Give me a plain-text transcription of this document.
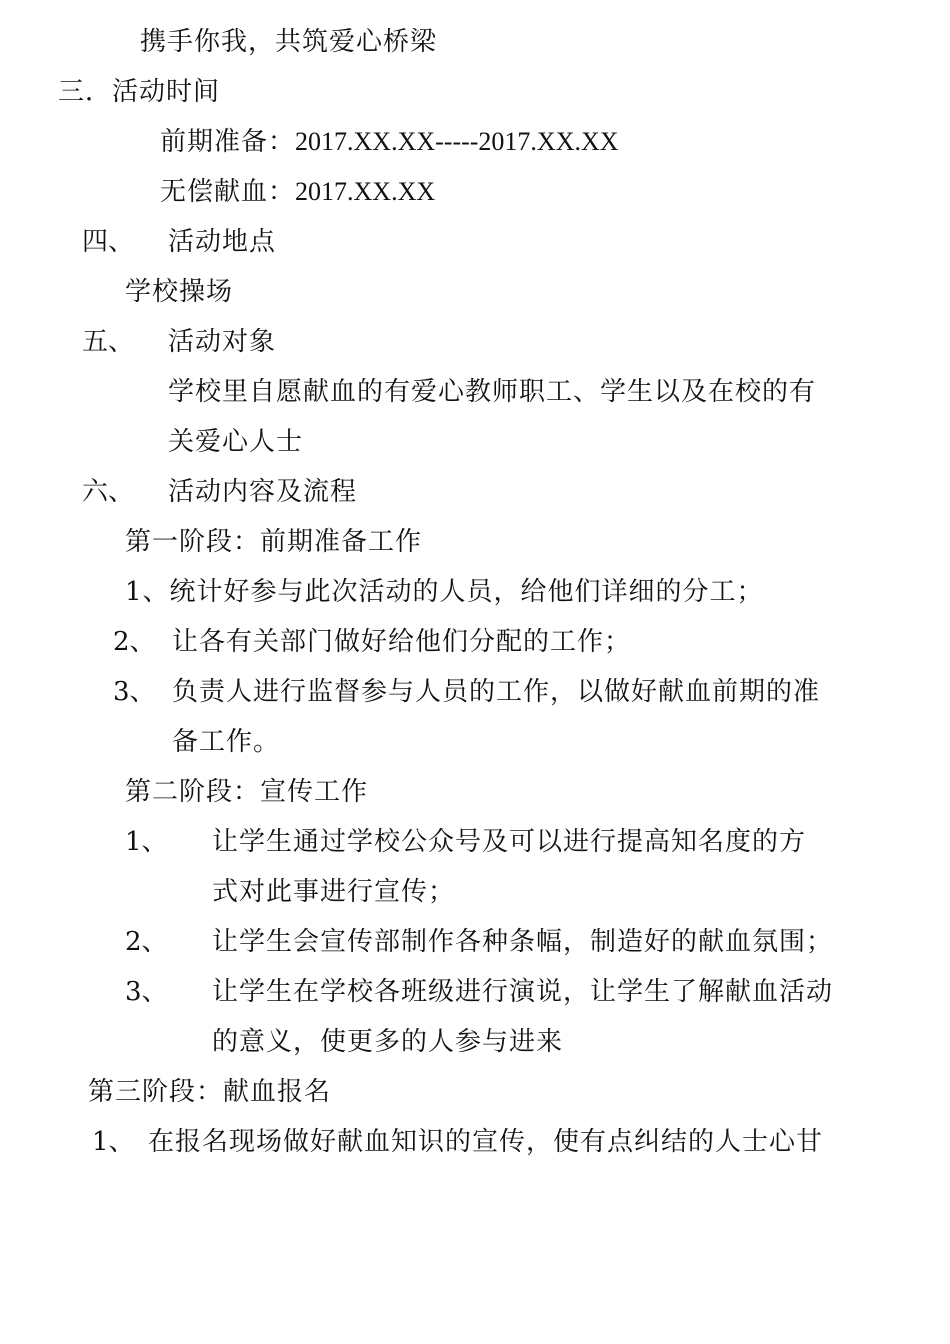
携手你我，共筑爱心桥梁
三．活动时间
前期准备：2017.XX.XX-----2017.XX.XX
无偿献血：2017.XX.XX
四、 活动地点
学校操场
五、 活动对象
学校里自愿献血的有爱心教师职工、学生以及在校的有
关爱心人士
六、 活动内容及流程
第一阶段：前期准备工作
1、统计好参与此次活动的人员，给他们详细的分工；
2、 让各有关部门做好给他们分配的工作；
3、 负责人进行监督参与人员的工作，以做好献血前期的准
备工作。
第二阶段：宣传工作
1、 让学生通过学校公众号及可以进行提高知名度的方
式对此事进行宣传；
2、 让学生会宣传部制作各种条幅，制造好的献血氛围；
3、 让学生在学校各班级进行演说，让学生了解献血活动
的意义，使更多的人参与进来
第三阶段：献血报名
1、 在报名现场做好献血知识的宣传，使有点纠结的人士心甘
